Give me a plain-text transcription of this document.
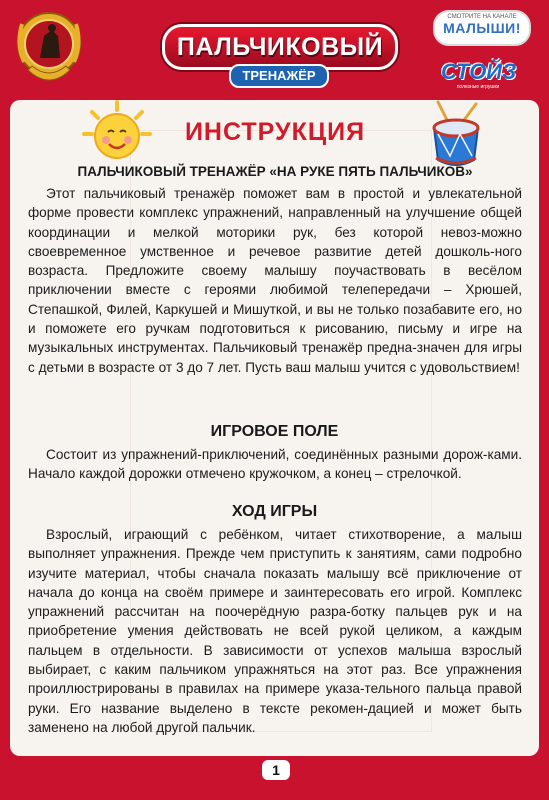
ПАЛЬЧИКОВЫЙ
ТРЕНАЖЁР
СМОТРИТЕ НА КАНАЛЕ
МАЛЫШИ!
СТОЙЗ
полезные игрушки
ИНСТРУКЦИЯ
ПАЛЬЧИКОВЫЙ ТРЕНАЖЁР «НА РУКЕ ПЯТЬ ПАЛЬЧИКОВ»

Этот пальчиковый тренажёр поможет вам в простой и увлекательной форме провести комплекс упражнений, направленный на улучшение общей координации и мелкой моторики рук, без которой невоз-можно своевременное умственное и речевое развитие детей дошколь-ного возраста. Предложите своему малышу поучаствовать в весёлом приключении вместе с героями любимой телепередачи – Хрюшей, Степашкой, Филей, Каркушей и Мишуткой, и вы не только позабавите его, но и поможете его ручкам подготовиться к рисованию, письму и игре на музыкальных инструментах. Пальчиковый тренажёр предна-значен для игры с детьми в возрасте от 3 до 7 лет. Пусть ваш малыш учится с удовольствием!

ИГРОВОЕ ПОЛЕ

Состоит из упражнений-приключений, соединённых разными дорож-ками. Начало каждой дорожки отмечено кружочком, а конец – стрелочкой.

ХОД ИГРЫ

Взрослый, играющий с ребёнком, читает стихотворение, а малыш выполняет упражнения. Прежде чем приступить к занятиям, сами подробно изучите материал, чтобы сначала показать малышу всё приключение от начала до конца на своём примере и заинтересовать его игрой. Комплекс упражнений рассчитан на поочерёдную разра-ботку пальцев рук и на приобретение умения действовать не всей рукой целиком, а каждым пальцем в отдельности. В зависимости от успехов малыша взрослый выбирает, с каким пальчиком упражняться на этот раз. Все упражнения проиллюстрированы в правилах на примере указа-тельного пальца правой руки. Его название выделено в тексте рекомен-дацией и может быть заменено на любой другой пальчик.

1
